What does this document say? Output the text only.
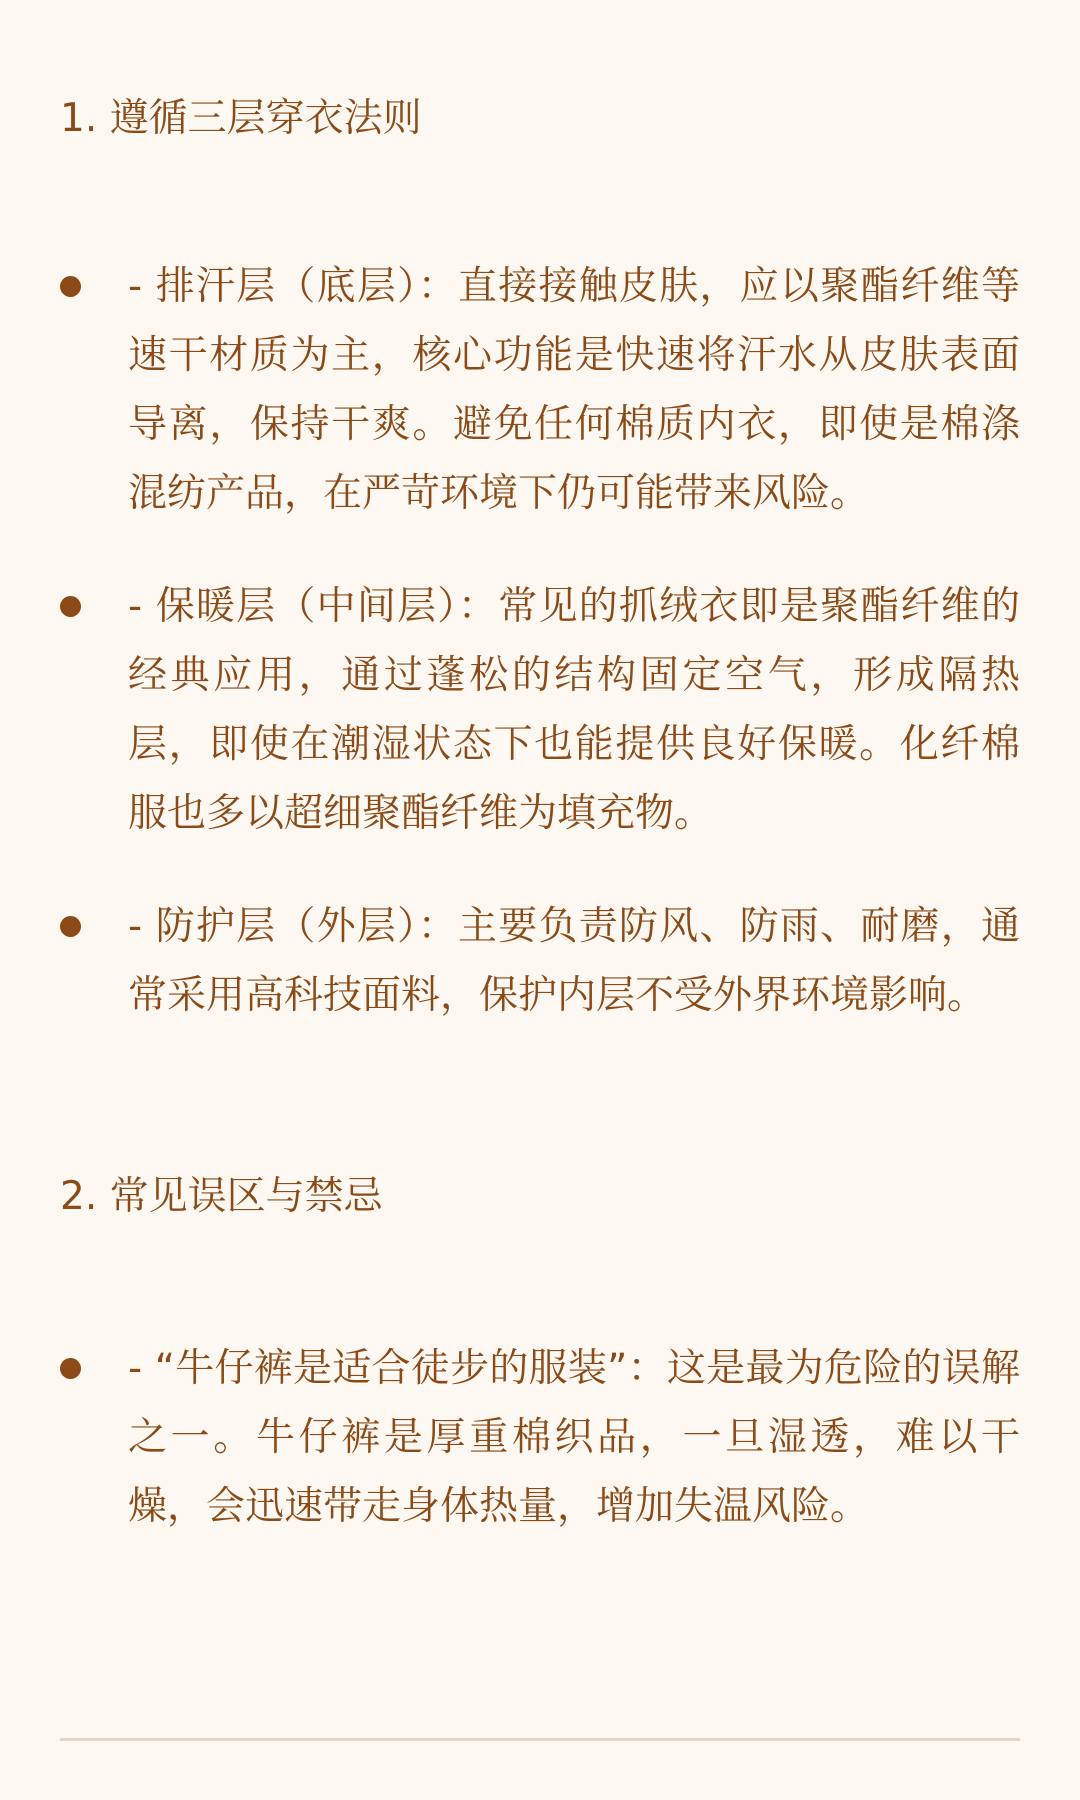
1. 遵循三层穿衣法则
- 排汗层（底层）：直接接触皮肤，应以聚酯纤维等速干材质为主，核心功能是快速将汗水从皮肤表面导离，保持干爽。避免任何棉质内衣，即使是棉涤混纺产品，在严苛环境下仍可能带来风险。
- 保暖层（中间层）：常见的抓绒衣即是聚酯纤维的经典应用，通过蓬松的结构固定空气，形成隔热层，即使在潮湿状态下也能提供良好保暖。化纤棉服也多以超细聚酯纤维为填充物。
- 防护层（外层）：主要负责防风、防雨、耐磨，通常采用高科技面料，保护内层不受外界环境影响。
2. 常见误区与禁忌
- “牛仔裤是适合徒步的服装”：这是最为危险的误解之一。牛仔裤是厚重棉织品，一旦湿透，难以干燥，会迅速带走身体热量，增加失温风险。
